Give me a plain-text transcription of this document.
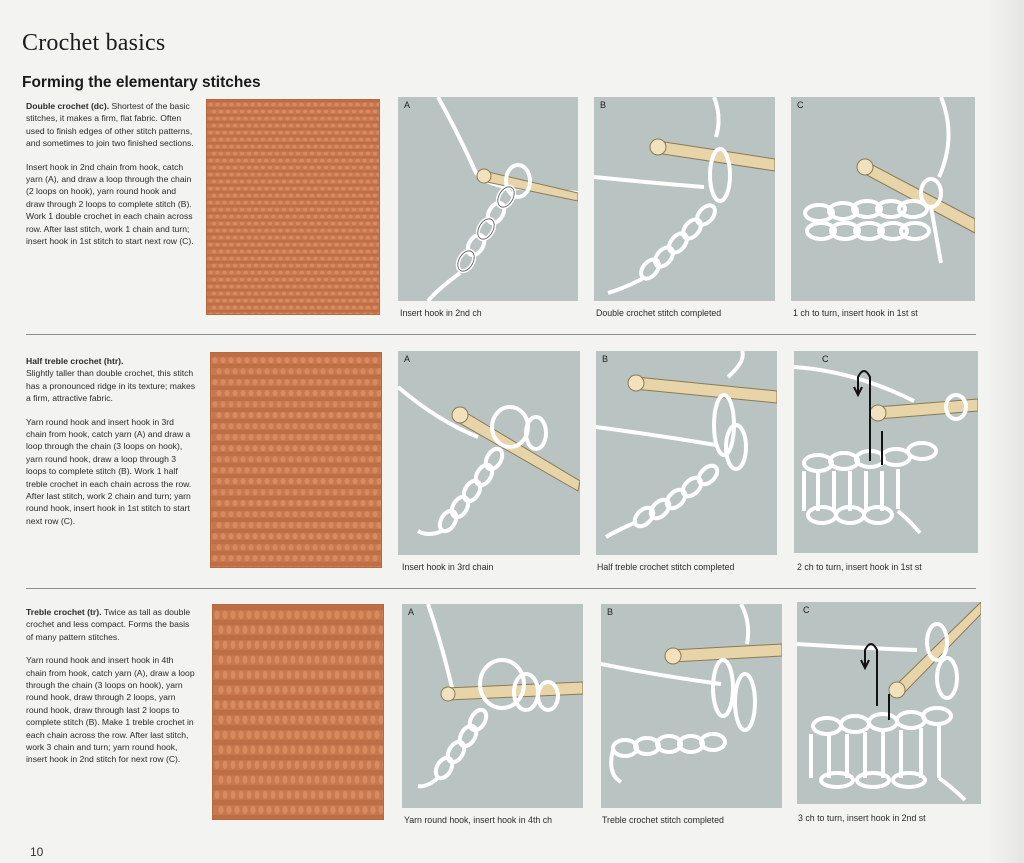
Crochet basics
Forming the elementary stitches

Double crochet (dc). Shortest of the basic stitches, it makes a firm, flat fabric. Often used to finish edges of other stitch patterns, and sometimes to join two finished sections.

Insert hook in 2nd chain from hook, catch yarn (A), and draw a loop through the chain (2 loops on hook), yarn round hook and draw through 2 loops to complete stitch (B). Work 1 double crochet in each chain across row. After last stitch, work 1 chain and turn; insert hook in 1st stitch to start next row (C).

A
Insert hook in 2nd ch
B
Double crochet stitch completed
C
1 ch to turn, insert hook in 1st st

Half treble crochet (htr).
Slightly taller than double crochet, this stitch has a pronounced ridge in its texture; makes a firm, attractive fabric.

Yarn round hook and insert hook in 3rd chain from hook, catch yarn (A) and draw a loop through the chain (3 loops on hook), yarn round hook, draw a loop through 3 loops to complete stitch (B). Work 1 half treble crochet in each chain across the row. After last stitch, work 2 chain and turn; yarn round hook, insert hook in 1st stitch to start next row (C).

A
Insert hook in 3rd chain
B
Half treble crochet stitch completed
C
2 ch to turn, insert hook in 1st st

Treble crochet (tr). Twice as tall as double crochet and less compact. Forms the basis of many pattern stitches.

Yarn round hook and insert hook in 4th chain from hook, catch yarn (A), draw a loop through the chain (3 loops on hook), yarn round hook, draw through 2 loops, yarn round hook, draw through last 2 loops to complete stitch (B). Make 1 treble crochet in each chain across the row. After last stitch, work 3 chain and turn; yarn round hook, insert hook in 2nd stitch for next row (C).

A
Yarn round hook, insert hook in 4th ch
B
Treble crochet stitch completed
C
3 ch to turn, insert hook in 2nd st
10
